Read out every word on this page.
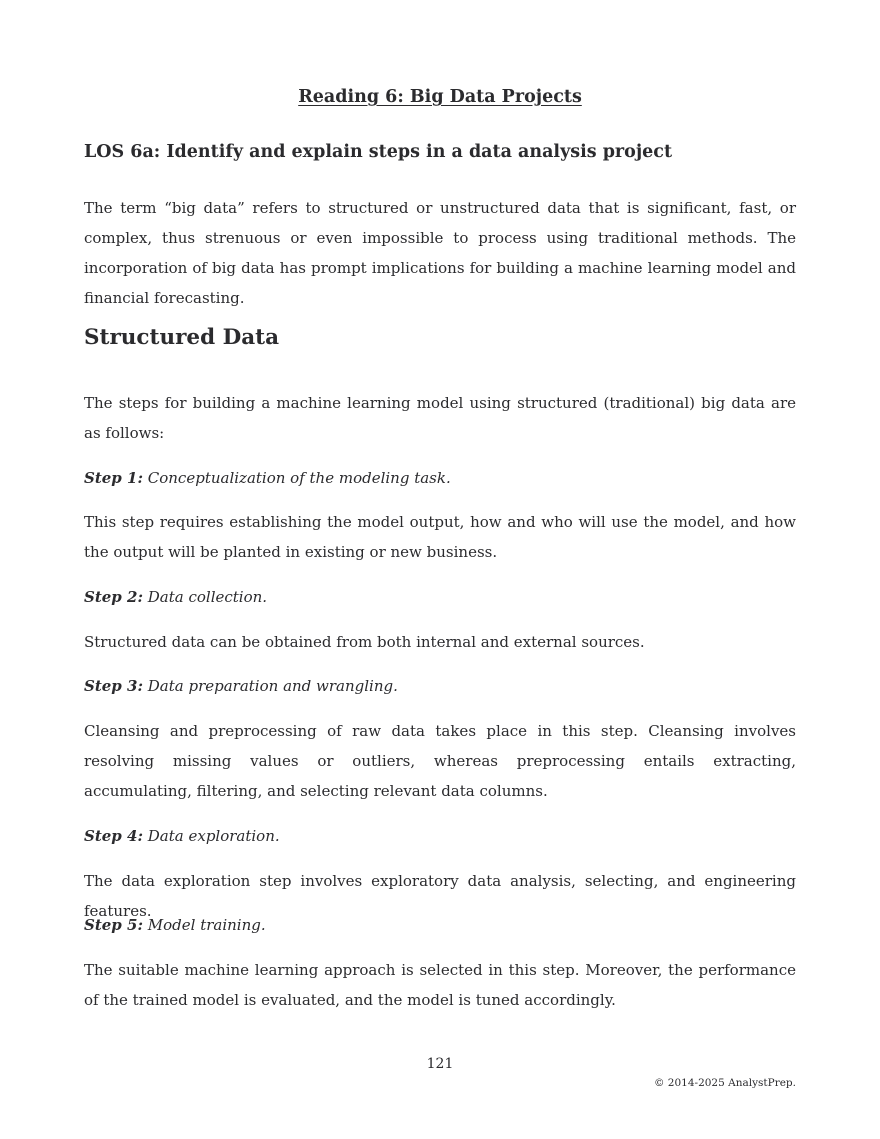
Reading 6: Big Data Projects
LOS 6a: Identify and explain steps in a data analysis project

The term “big data” refers to structured or unstructured data that is significant, fast, or complex, thus strenuous or even impossible to process using traditional methods. The incorporation of big data has prompt implications for building a machine learning model and financial forecasting.

Structured Data

The steps for building a machine learning model using structured (traditional) big data are as follows:

Step 1: Conceptualization of the modeling task.

This step requires establishing the model output, how and who will use the model, and how the output will be planted in existing or new business.

Step 2: Data collection.

Structured data can be obtained from both internal and external sources.

Step 3: Data preparation and wrangling.

Cleansing and preprocessing of raw data takes place in this step. Cleansing involves resolving missing values or outliers, whereas preprocessing entails extracting, accumulating, filtering, and selecting relevant data columns.

Step 4: Data exploration.

The data exploration step involves exploratory data analysis, selecting, and engineering features.

Step 5: Model training.

The suitable machine learning approach is selected in this step. Moreover, the performance of the trained model is evaluated, and the model is tuned accordingly.

121
© 2014-2025 AnalystPrep.
